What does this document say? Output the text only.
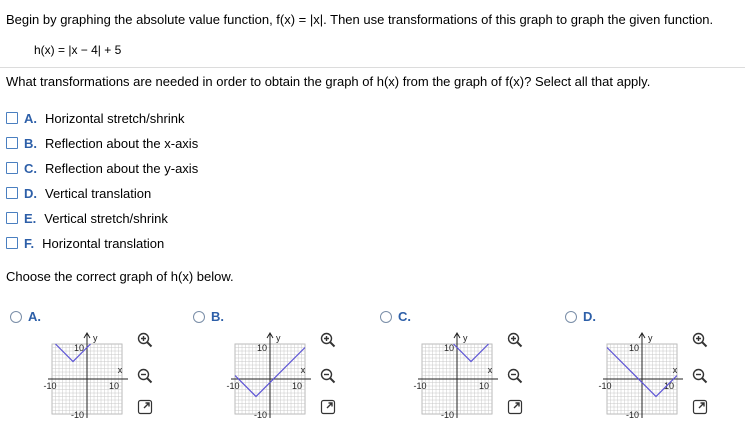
Begin by graphing the absolute value function, f(x) = |x|. Then use transformations of this graph to graph the given function.
h(x) = |x − 4| + 5
What transformations are needed in order to obtain the graph of h(x) from the graph of f(x)? Select all that apply.
A. Horizontal stretch/shrink
B. Reflection about the x-axis
C. Reflection about the y-axis
D. Vertical translation
E. Vertical stretch/shrink
F. Horizontal translation
Choose the correct graph of h(x) below.
A.
y
x
10
-10
-10	10
B.
y
x
10
-10
-10	10
C.
y
x
10
-10
-10	10
D.
y
x
10
-10
-10	10
